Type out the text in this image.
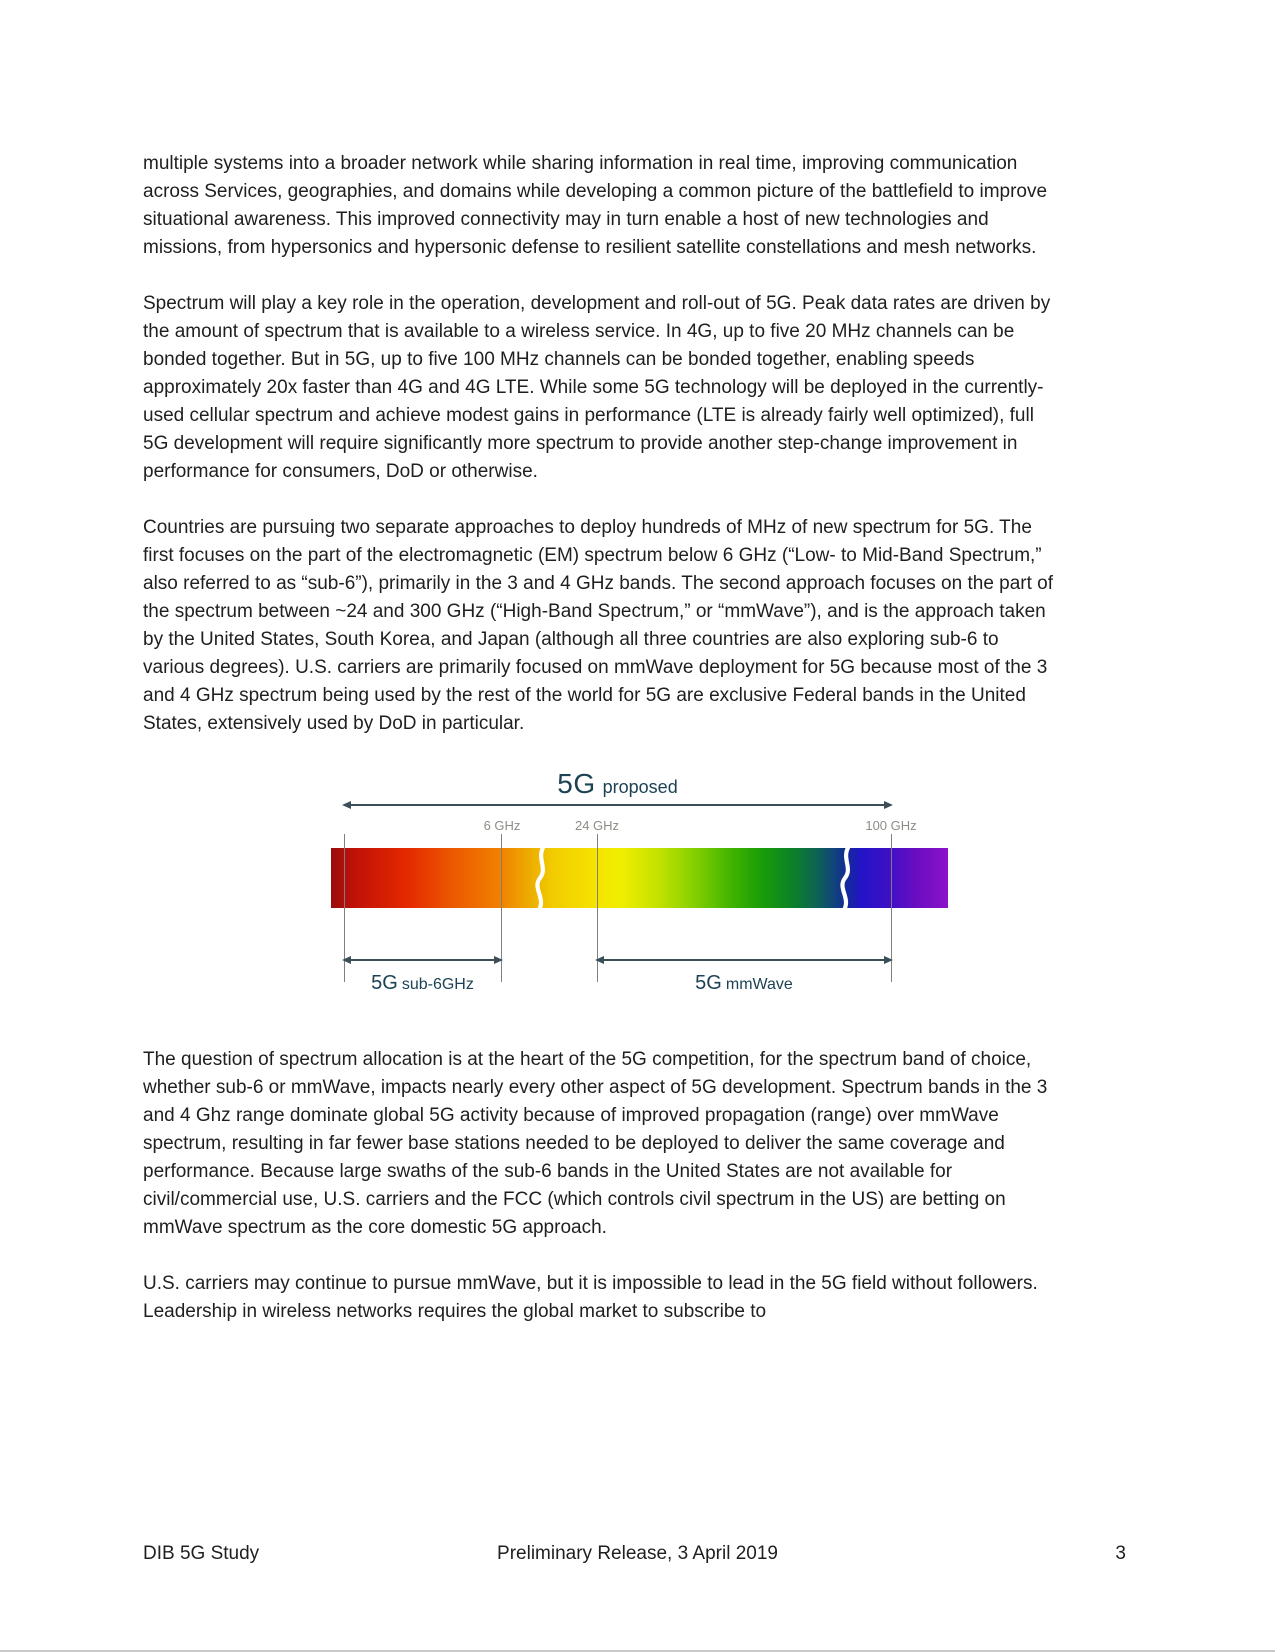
multiple systems into a broader network while sharing information in real time, improving communication across Services, geographies, and domains while developing a common picture of the battlefield to improve situational awareness. This improved connectivity may in turn enable a host of new technologies and missions, from hypersonics and hypersonic defense to resilient satellite constellations and mesh networks.

Spectrum will play a key role in the operation, development and roll-out of 5G. Peak data rates are driven by the amount of spectrum that is available to a wireless service. In 4G, up to five 20 MHz channels can be bonded together. But in 5G, up to five 100 MHz channels can be bonded together, enabling speeds approximately 20x faster than 4G and 4G LTE. While some 5G technology will be deployed in the currently-used cellular spectrum and achieve modest gains in performance (LTE is already fairly well optimized), full 5G development will require significantly more spectrum to provide another step-change improvement in performance for consumers, DoD or otherwise.

Countries are pursuing two separate approaches to deploy hundreds of MHz of new spectrum for 5G. The first focuses on the part of the electromagnetic (EM) spectrum below 6 GHz (“Low- to Mid-Band Spectrum,” also referred to as “sub-6”), primarily in the 3 and 4 GHz bands. The second approach focuses on the part of the spectrum between ~24 and 300 GHz (“High-Band Spectrum,” or “mmWave”), and is the approach taken by the United States, South Korea, and Japan (although all three countries are also exploring sub-6 to various degrees). U.S. carriers are primarily focused on mmWave deployment for 5G because most of the 3 and 4 GHz spectrum being used by the rest of the world for 5G are exclusive Federal bands in the United States, extensively used by DoD in particular.

5G proposed
6 GHz	24 GHz	100 GHz
5G sub-6GHz	5G mmWave

The question of spectrum allocation is at the heart of the 5G competition, for the spectrum band of choice, whether sub-6 or mmWave, impacts nearly every other aspect of 5G development. Spectrum bands in the 3 and 4 Ghz range dominate global 5G activity because of improved propagation (range) over mmWave spectrum, resulting in far fewer base stations needed to be deployed to deliver the same coverage and performance. Because large swaths of the sub-6 bands in the United States are not available for civil/commercial use, U.S. carriers and the FCC (which controls civil spectrum in the US) are betting on mmWave spectrum as the core domestic 5G approach.

U.S. carriers may continue to pursue mmWave, but it is impossible to lead in the 5G field without followers. Leadership in wireless networks requires the global market to subscribe to

DIB 5G Study	Preliminary Release, 3 April 2019	3
